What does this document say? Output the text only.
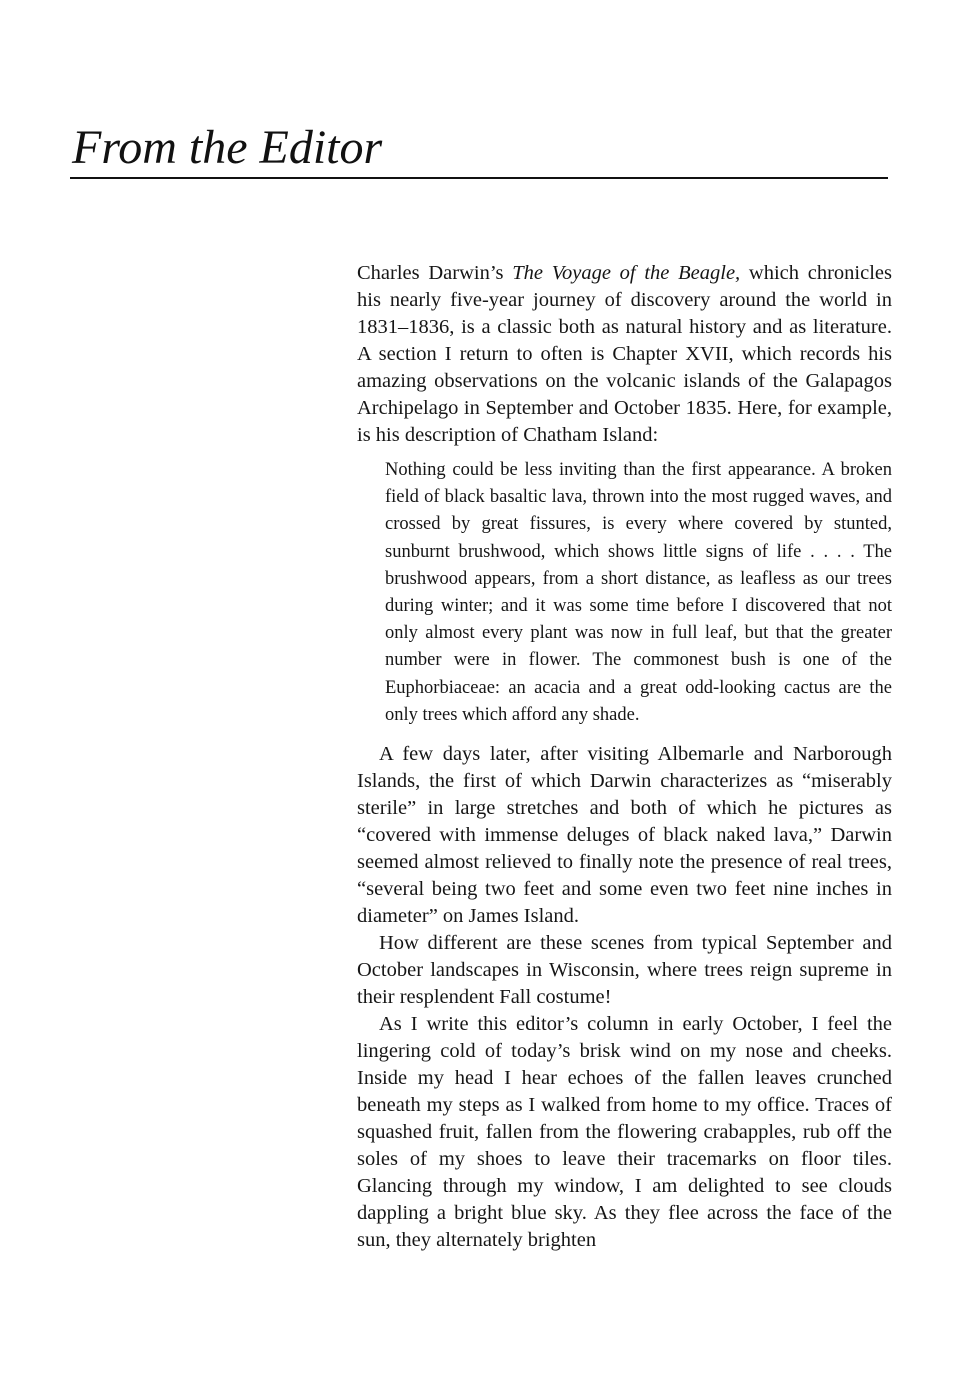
From the Editor

Charles Darwin’s The Voyage of the Beagle, which chronicles his nearly five-year journey of discovery around the world in 1831–1836, is a classic both as natural history and as literature. A section I return to often is Chapter XVII, which records his amazing observations on the volcanic islands of the Galapagos Archipelago in September and October 1835. Here, for example, is his description of Chatham Island:

Nothing could be less inviting than the first appearance. A broken field of black basaltic lava, thrown into the most rugged waves, and crossed by great fissures, is every where covered by stunted, sunburnt brushwood, which shows little signs of life . . . . The brushwood appears, from a short distance, as leafless as our trees during winter; and it was some time before I discovered that not only almost every plant was now in full leaf, but that the greater number were in flower. The commonest bush is one of the Euphorbiaceae: an acacia and a great odd-looking cactus are the only trees which afford any shade.

A few days later, after visiting Albemarle and Narborough Islands, the first of which Darwin characterizes as “miserably sterile” in large stretches and both of which he pictures as “covered with immense deluges of black naked lava,” Darwin seemed almost relieved to finally note the presence of real trees, “several being two feet and some even two feet nine inches in diameter” on James Island.

How different are these scenes from typical September and October landscapes in Wisconsin, where trees reign supreme in their resplendent Fall costume!

As I write this editor’s column in early October, I feel the lingering cold of today’s brisk wind on my nose and cheeks. Inside my head I hear echoes of the fallen leaves crunched beneath my steps as I walked from home to my office. Traces of squashed fruit, fallen from the flowering crabapples, rub off the soles of my shoes to leave their tracemarks on floor tiles. Glancing through my window, I am delighted to see clouds dappling a bright blue sky. As they flee across the face of the sun, they alternately brighten
